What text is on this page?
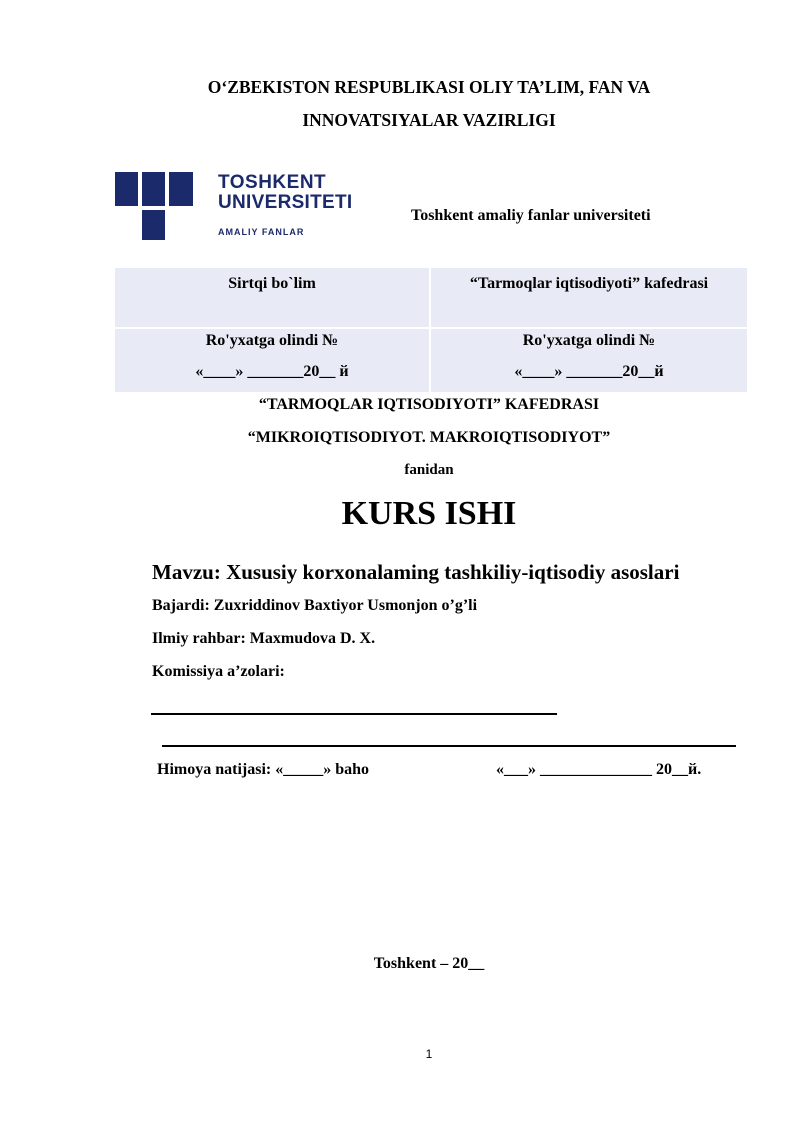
O‘ZBEKISTON RESPUBLIKASI OLIY TA’LIM, FAN VA
INNOVATSIYALAR VAZIRLIGI
TOSHKENT
UNIVERSITETI
AMALIY FANLAR
Toshkent amaliy fanlar universiteti
Sirtqi bo`lim	“Tarmoqlar iqtisodiyoti” kafedrasi
Ro'yxatga olindi №
«____» _______20__ й
Ro'yxatga olindi №
«____» _______20__й
“TARMOQLAR IQTISODIYOTI” KAFEDRASI
“MIKROIQTISODIYOT. MAKROIQTISODIYOT”
fanidan
KURS ISHI
Mavzu: Xususiy korxonalaming tashkiliy-iqtisodiy asoslari
Bajardi: Zuxriddinov Baxtiyor Usmonjon o’g’li
Ilmiy rahbar: Maxmudova D. X.
Komissiya a’zolari:
Himoya natijasi: «_____» baho	«___» ______________ 20__й.
Toshkent – 20__
1
